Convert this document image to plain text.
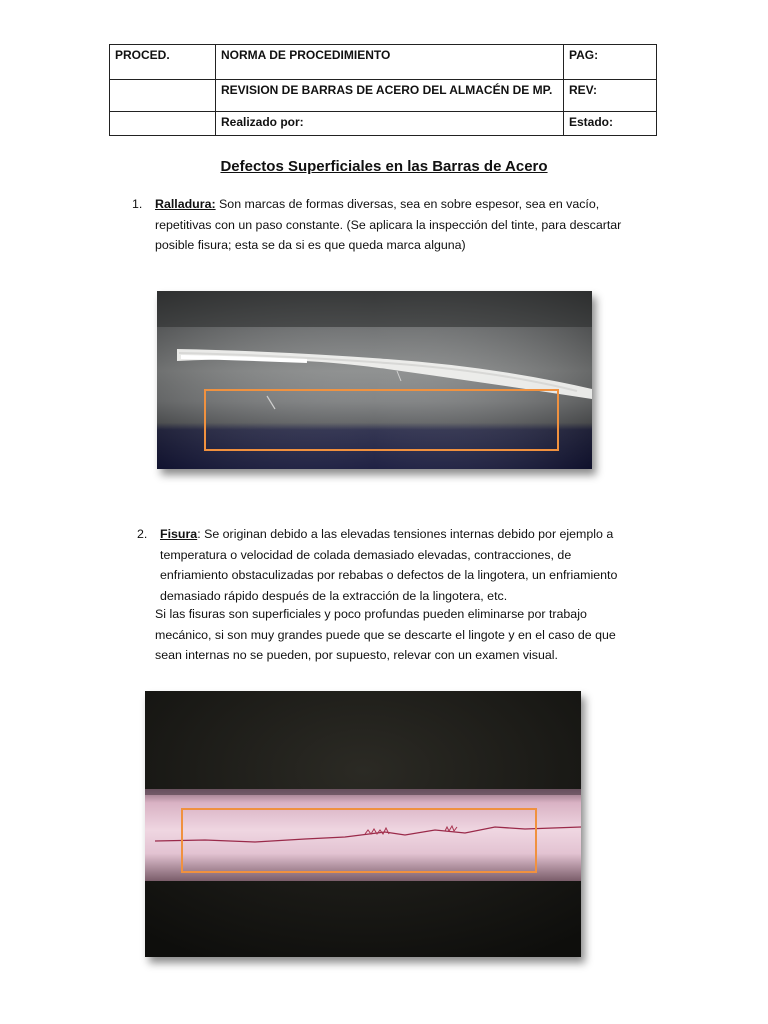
PROCED.	NORMA DE PROCEDIMIENTO	PAG:
	REVISION DE BARRAS DE ACERO DEL ALMACÉN DE MP.	REV:
	Realizado por:	Estado:
Defectos Superficiales en las Barras de Acero
1. Ralladura: Son marcas de formas diversas, sea en sobre espesor, sea en vacío,
repetitivas con un paso constante. (Se aplicara la inspección del tinte, para descartar
posible fisura; esta se da si es que queda marca alguna)
2. Fisura: Se originan debido a las elevadas tensiones internas debido por ejemplo a
temperatura o velocidad de colada demasiado elevadas, contracciones, de
enfriamiento obstaculizadas por rebabas o defectos de la lingotera, un enfriamiento
demasiado rápido después de la extracción de la lingotera, etc.
Si las fisuras son superficiales y poco profundas pueden eliminarse por trabajo
mecánico, si son muy grandes puede que se descarte el lingote y en el caso de que
sean internas no se pueden, por supuesto, relevar con un examen visual.
